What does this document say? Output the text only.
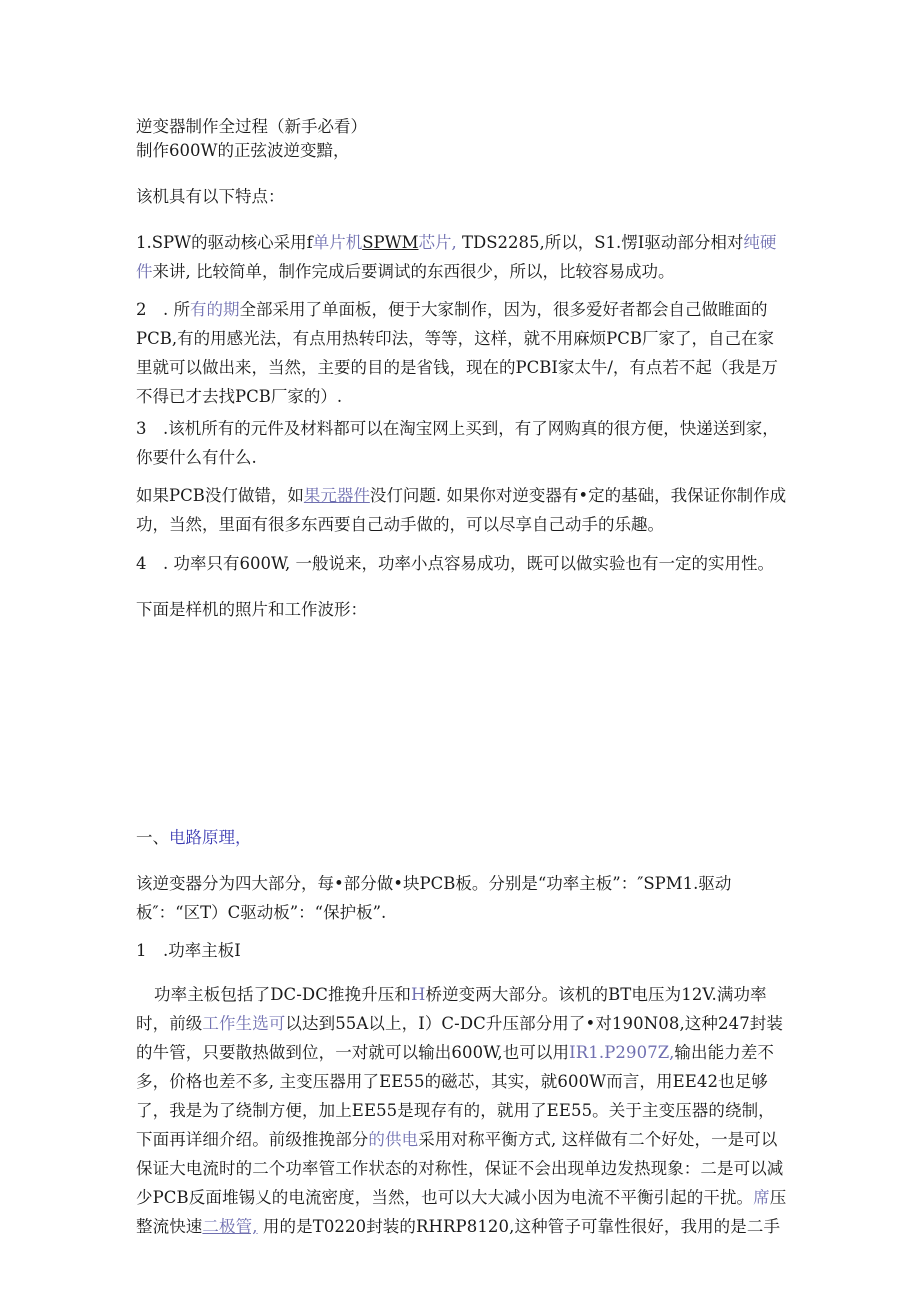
逆变器制作全过程（新手必看）

制作600W的正弦波逆变黯，

该机具有以下特点：

1.SPW的驱动核心采用f单片机SPWM芯片, TDS2285,所以，S1.愣I驱动部分相对纯硬件来讲, 比较简单，制作完成后要调试的东西很少，所以，比较容易成功。

2　. 所有的期全部采用了单面板，便于大家制作，因为，很多爱好者都会自己做睢面的PCB,有的用感光法，有点用热转印法，等等，这样，就不用麻烦PCB厂家了，自己在家里就可以做出来，当然，主要的目的是省钱，现在的PCBI家太牛/，有点若不起（我是万不得已才去找PCB厂家的）.

3　.该机所有的元件及材料都可以在淘宝网上买到，有了网购真的很方便，快递送到家，你要什么有什么.

如果PCB没仃做错，如果元器件没仃问题. 如果你对逆变器有•定的基础，我保证你制作成功，当然，里面有很多东西要自己动手做的，可以尽享自己动手的乐趣。

4　. 功率只有600W, 一般说来，功率小点容易成功，既可以做实验也有一定的实用性。

下面是样机的照片和工作波形：

一、电路原理，

该逆变器分为四大部分，每•部分做•块PCB板。分别是“功率主板”：″SPM1.驱动板″：“区T）C驱动板”：“保护板”.

1　.功率主板I

功率主板包括了DC-DC推挽升压和H桥逆变两大部分。该机的BT电压为12V.满功率时，前级工作生选可以达到55A以上，I）C-DC升压部分用了•对190N08,这种247封装的牛管，只要散热做到位，一对就可以输出600W,也可以用IR1.P2907Z,输出能力差不多，价格也差不多, 主变压器用了EE55的磁芯，其实，就600W而言，用EE42也足够了，我是为了绕制方便，加上EE55是现存有的，就用了EE55。关于主变压器的绕制，下面再详细介绍。前级推挽部分的供电采用对称平衡方式, 这样做有二个好处，一是可以保证大电流时的二个功率管工作状态的对称性，保证不会出现单边发热现象：二是可以减少PCB反面堆锡乂的电流密度，当然，也可以大大减小因为电流不平衡引起的干扰。席压整流快速二极管, 用的是T0220封装的RHRP8120,这种管子可靠性很好，我用的是二手
